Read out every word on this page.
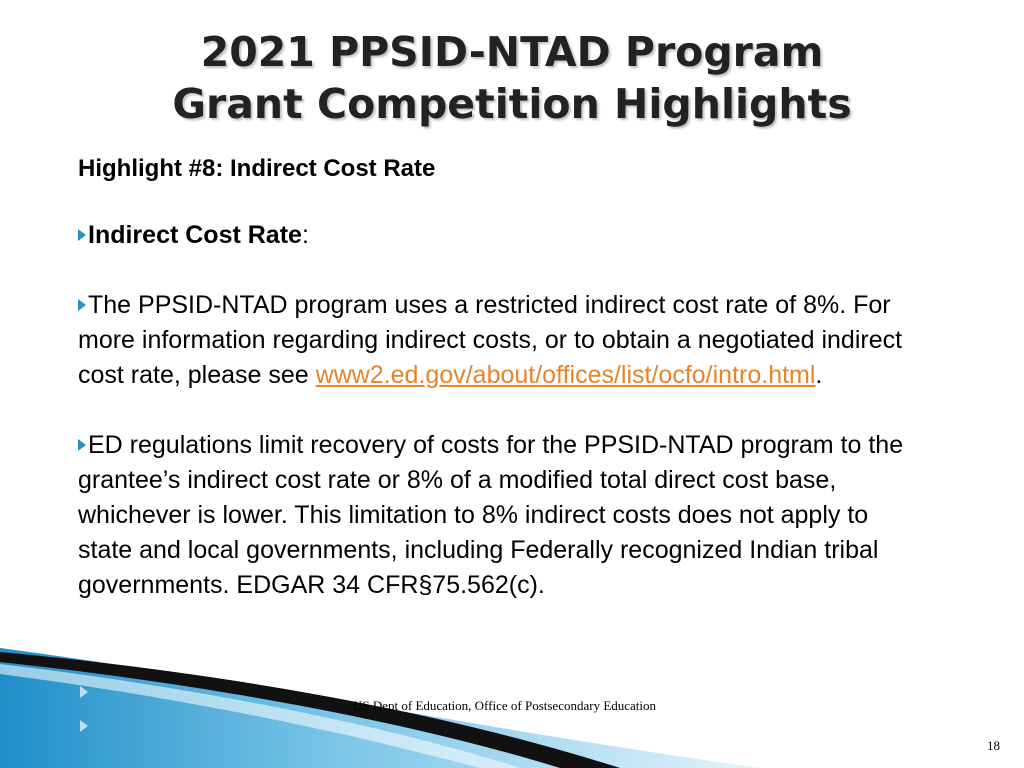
2021 PPSID-NTAD Program
Grant Competition Highlights
Highlight #8: Indirect Cost Rate

Indirect Cost Rate:

The PPSID-NTAD program uses a restricted indirect cost rate of 8%. For more information regarding indirect costs, or to obtain a negotiated indirect cost rate, please see www2.ed.gov/about/offices/list/ocfo/intro.html.

ED regulations limit recovery of costs for the PPSID-NTAD program to the grantee’s indirect cost rate or 8% of a modified total direct cost base, whichever is lower. This limitation to 8% indirect costs does not apply to state and local governments, including Federally recognized Indian tribal governments. EDGAR 34 CFR§75.562(c).

US Dept of Education, Office of Postsecondary Education
18
